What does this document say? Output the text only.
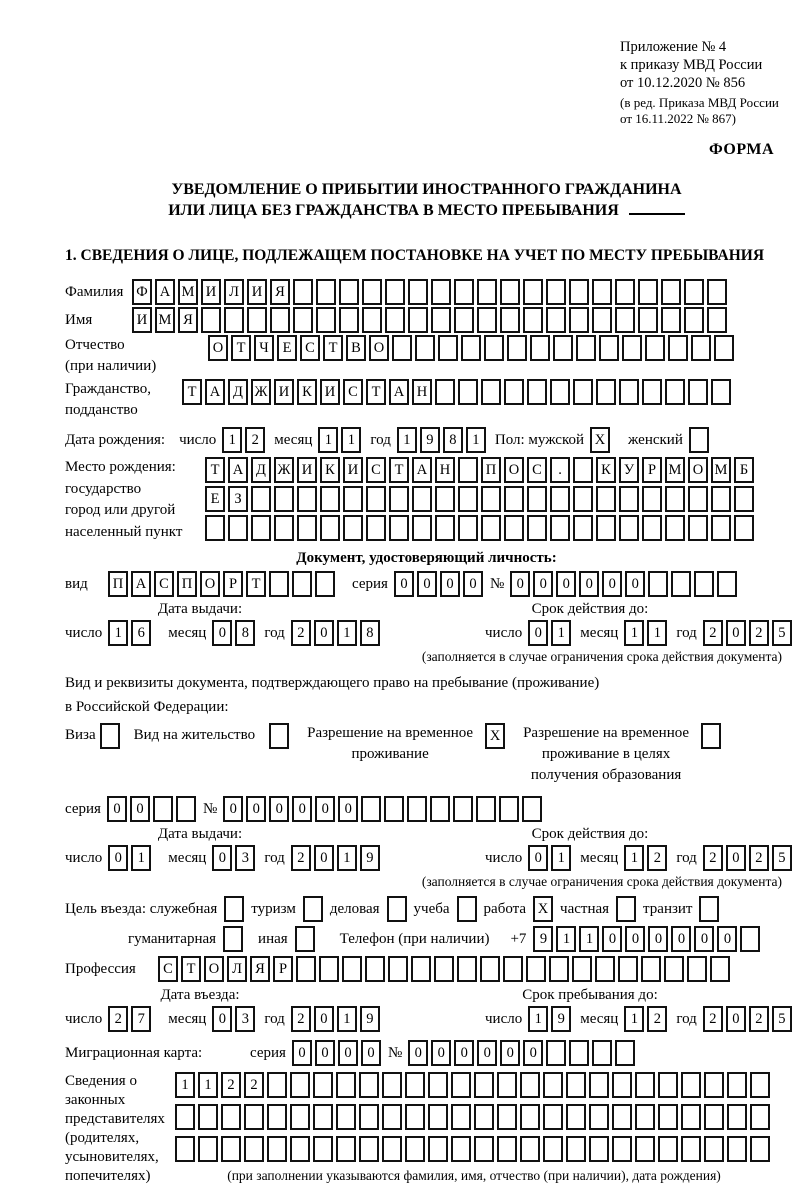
Приложение № 4
к приказу МВД России
от 10.12.2020 № 856
(в ред. Приказа МВД России
от 16.11.2022 № 867)
ФОРМА
УВЕДОМЛЕНИЕ О ПРИБЫТИИ ИНОСТРАННОГО ГРАЖДАНИНА
ИЛИ ЛИЦА БЕЗ ГРАЖДАНСТВА В МЕСТО ПРЕБЫВАНИЯ
1. СВЕДЕНИЯ О ЛИЦЕ, ПОДЛЕЖАЩЕМ ПОСТАНОВКЕ НА УЧЕТ ПО МЕСТУ ПРЕБЫВАНИЯ
Фамилия Ф А М И Л И Я
Имя	И М Я
Отчество
(при наличии)
О Т Ч Е С Т В О
Гражданство,
подданство
Т А Д Ж И К И С Т А Н
Дата рождения: число 1	2	месяц 1	1	год 1	9	8	1	Пол: мужской X	женский
Место рождения:
государство
город или другой
населенный пункт
Т А Д Ж И К И С Т А Н	П О С	.	К У Р М О М Б
Е	З
Документ, удостоверяющий личность:
вид	П А С П О Р	Т	серия 0	0	0	0 № 0	0	0	0	0	0
Дата выдачи:
число 1	6	месяц 0	8	год 2	0	1	8
Срок действия до:
число 0	1	месяц 1	1	год 2	0	2	5
(заполняется в случае ограничения срока действия документа)
Вид и реквизиты документа, подтверждающего право на пребывание (проживание)
в Российской Федерации:
Виза	Вид на жительство	Разрешение на временное
проживание
X	Разрешение на временное
проживание в целях
получения образования
серия 0	0	№ 0	0	0	0	0	0
Дата выдачи:
число 0	1	месяц 0	3	год 2	0	1	9
Срок действия до:
число 0	1	месяц 1	2	год 2	0	2	5
(заполняется в случае ограничения срока действия документа)
Цель въезда: служебная туризм деловая учеба работа X частная транзит
гуманитарная	иная	Телефон (при наличии) +7 9	1	1	0	0	0	0	0	0
Профессия	С Т О Л Я Р
Дата въезда:
число 2	7	месяц 0	3	год 2	0	1	9
Срок пребывания до:
число 1	9	месяц 1	2	год 2	0	2	5
Миграционная карта:	серия 0	0	0	0 № 0	0	0	0	0	0
Сведения о
законных
представителях
(родителях,
усыновителях,
попечителях)
1	1	2	2
(при заполнении указываются фамилия, имя, отчество (при наличии), дата рождения)
